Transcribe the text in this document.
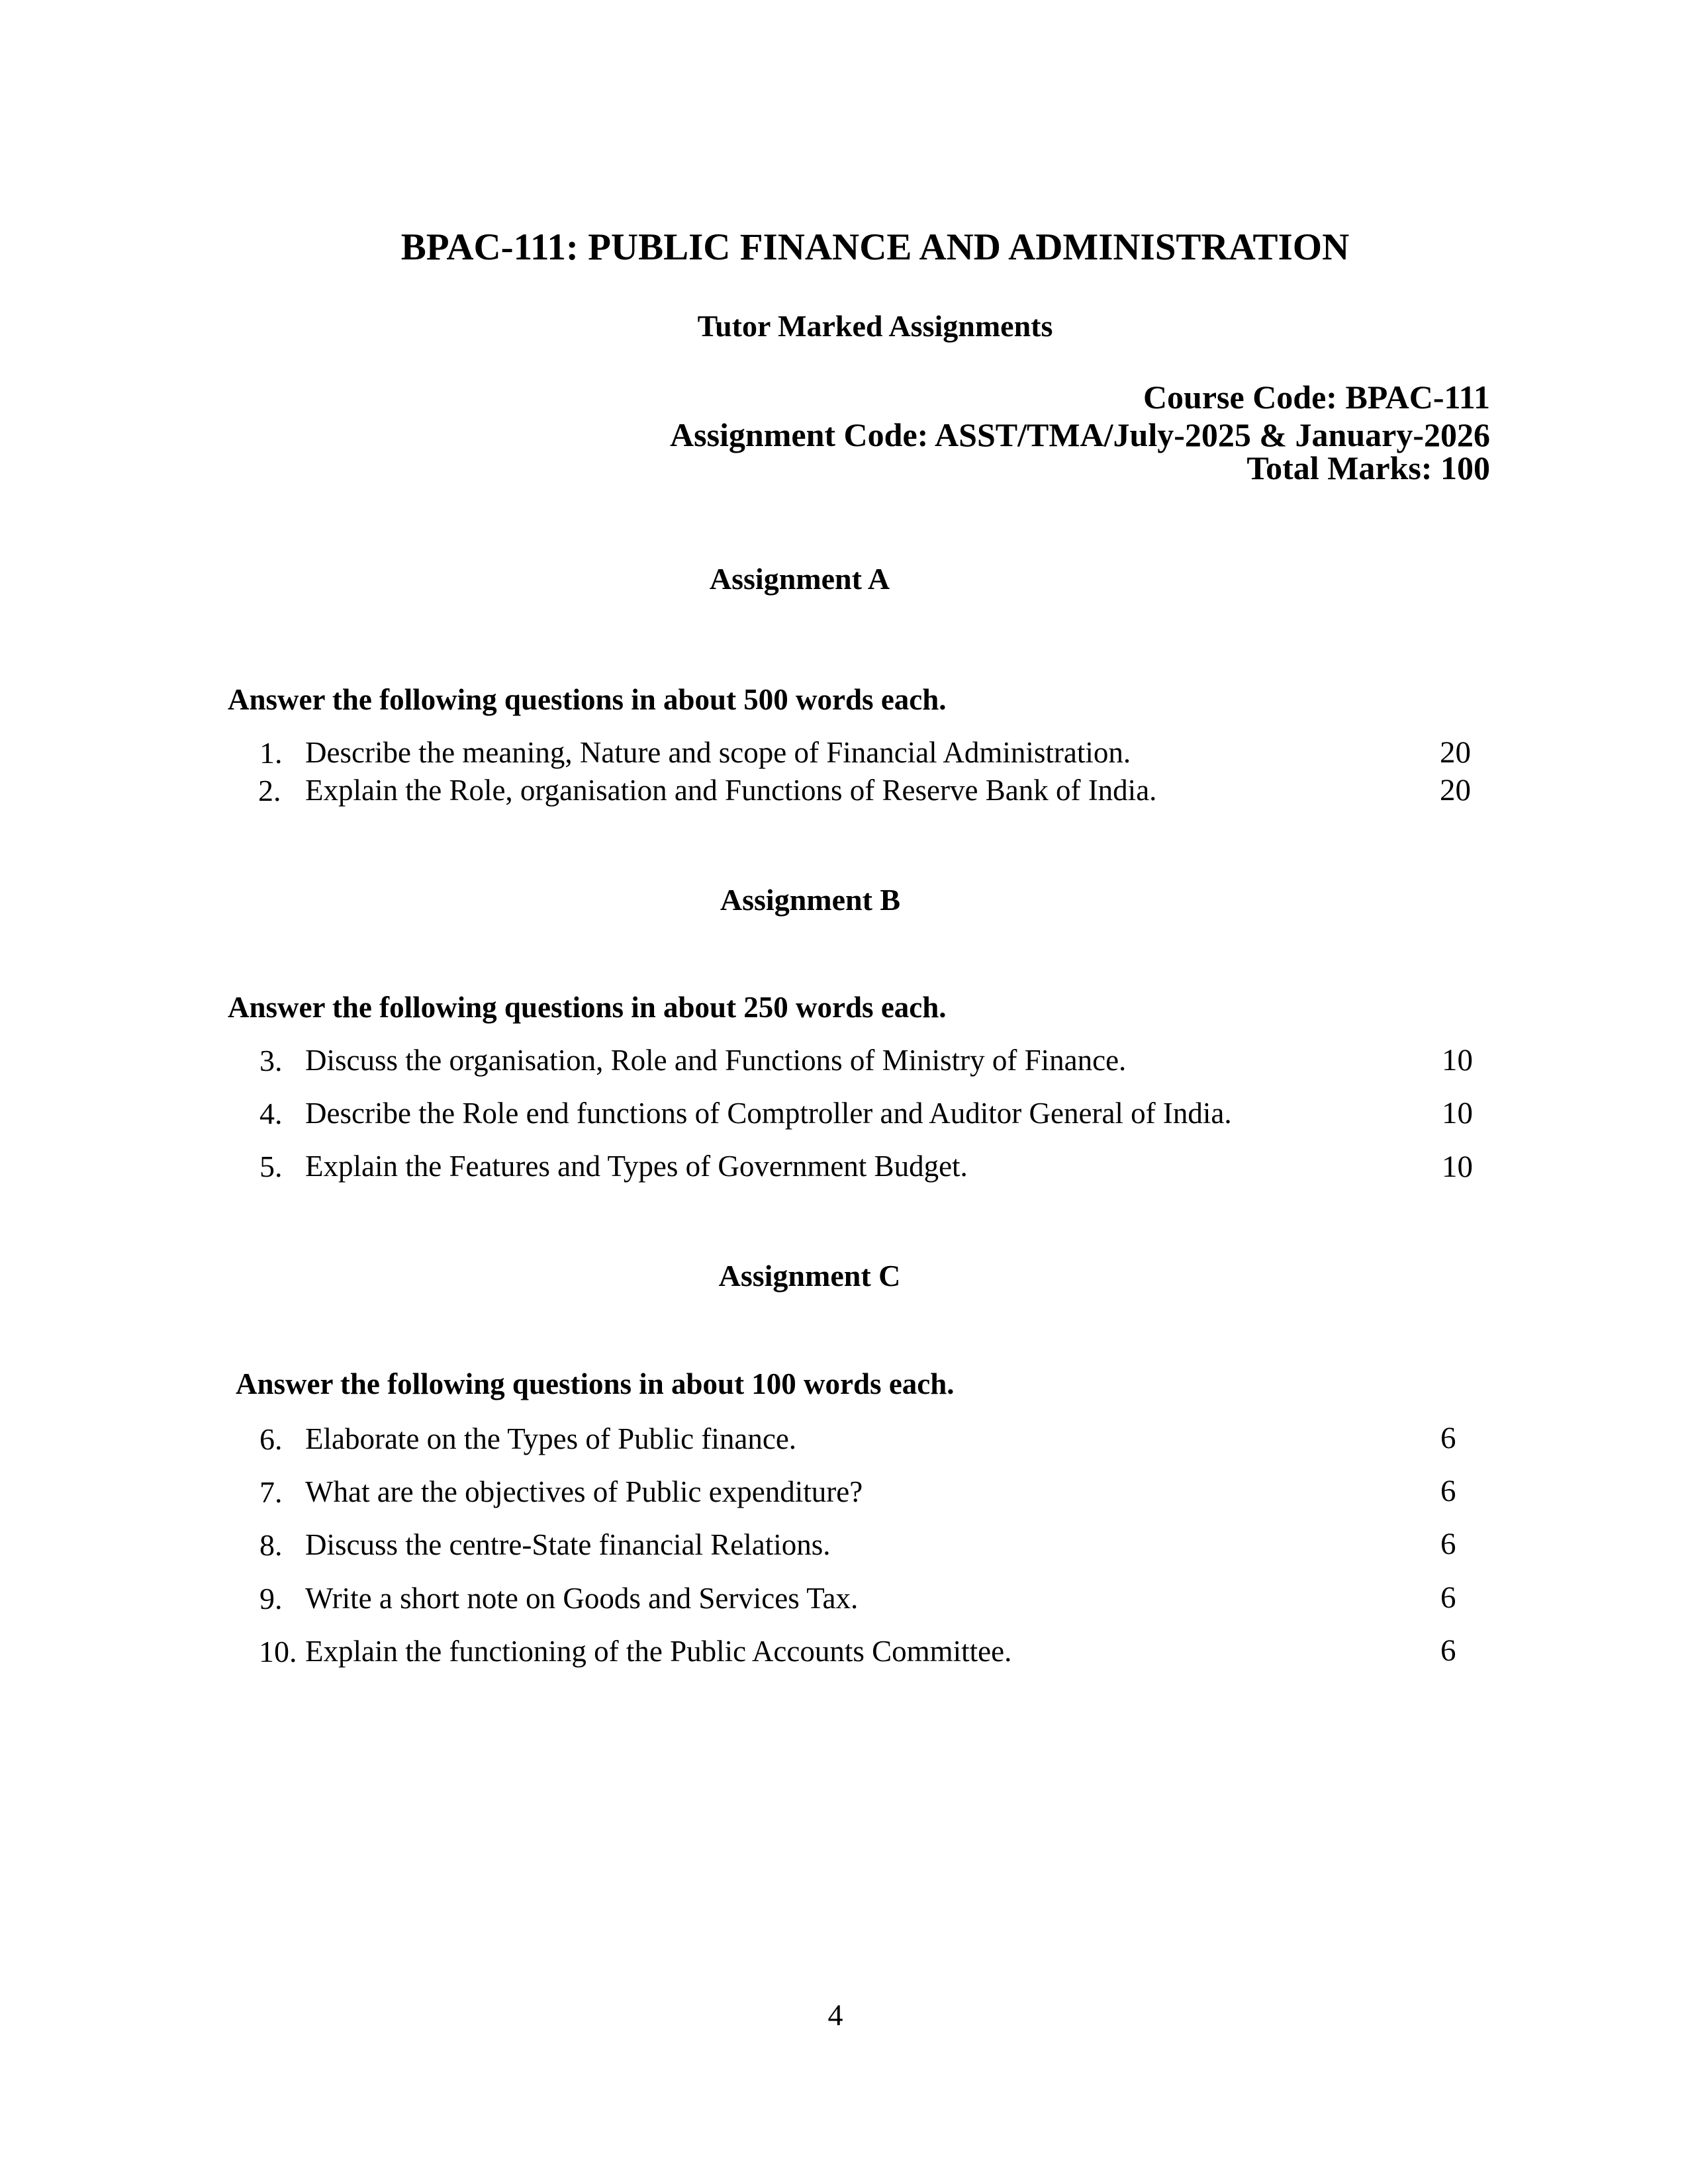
BPAC-111: PUBLIC FINANCE AND ADMINISTRATION
Tutor Marked Assignments
Course Code: BPAC-111
Assignment Code: ASST/TMA/July-2025 & January-2026
Total Marks: 100
Assignment A
Answer the following questions in about 500 words each.
1. Describe the meaning, Nature and scope of Financial Administration.	20
2. Explain the Role, organisation and Functions of Reserve Bank of India.	20
Assignment B
Answer the following questions in about 250 words each.
3. Discuss the organisation, Role and Functions of Ministry of Finance.	10
4. Describe the Role end functions of Comptroller and Auditor General of India.	10
5. Explain the Features and Types of Government Budget.	10
Assignment C
Answer the following questions in about 100 words each.
6. Elaborate on the Types of Public finance.	6
7. What are the objectives of Public expenditure?	6
8. Discuss the centre-State financial Relations.	6
9. Write a short note on Goods and Services Tax.	6
10. Explain the functioning of the Public Accounts Committee.	6
4
